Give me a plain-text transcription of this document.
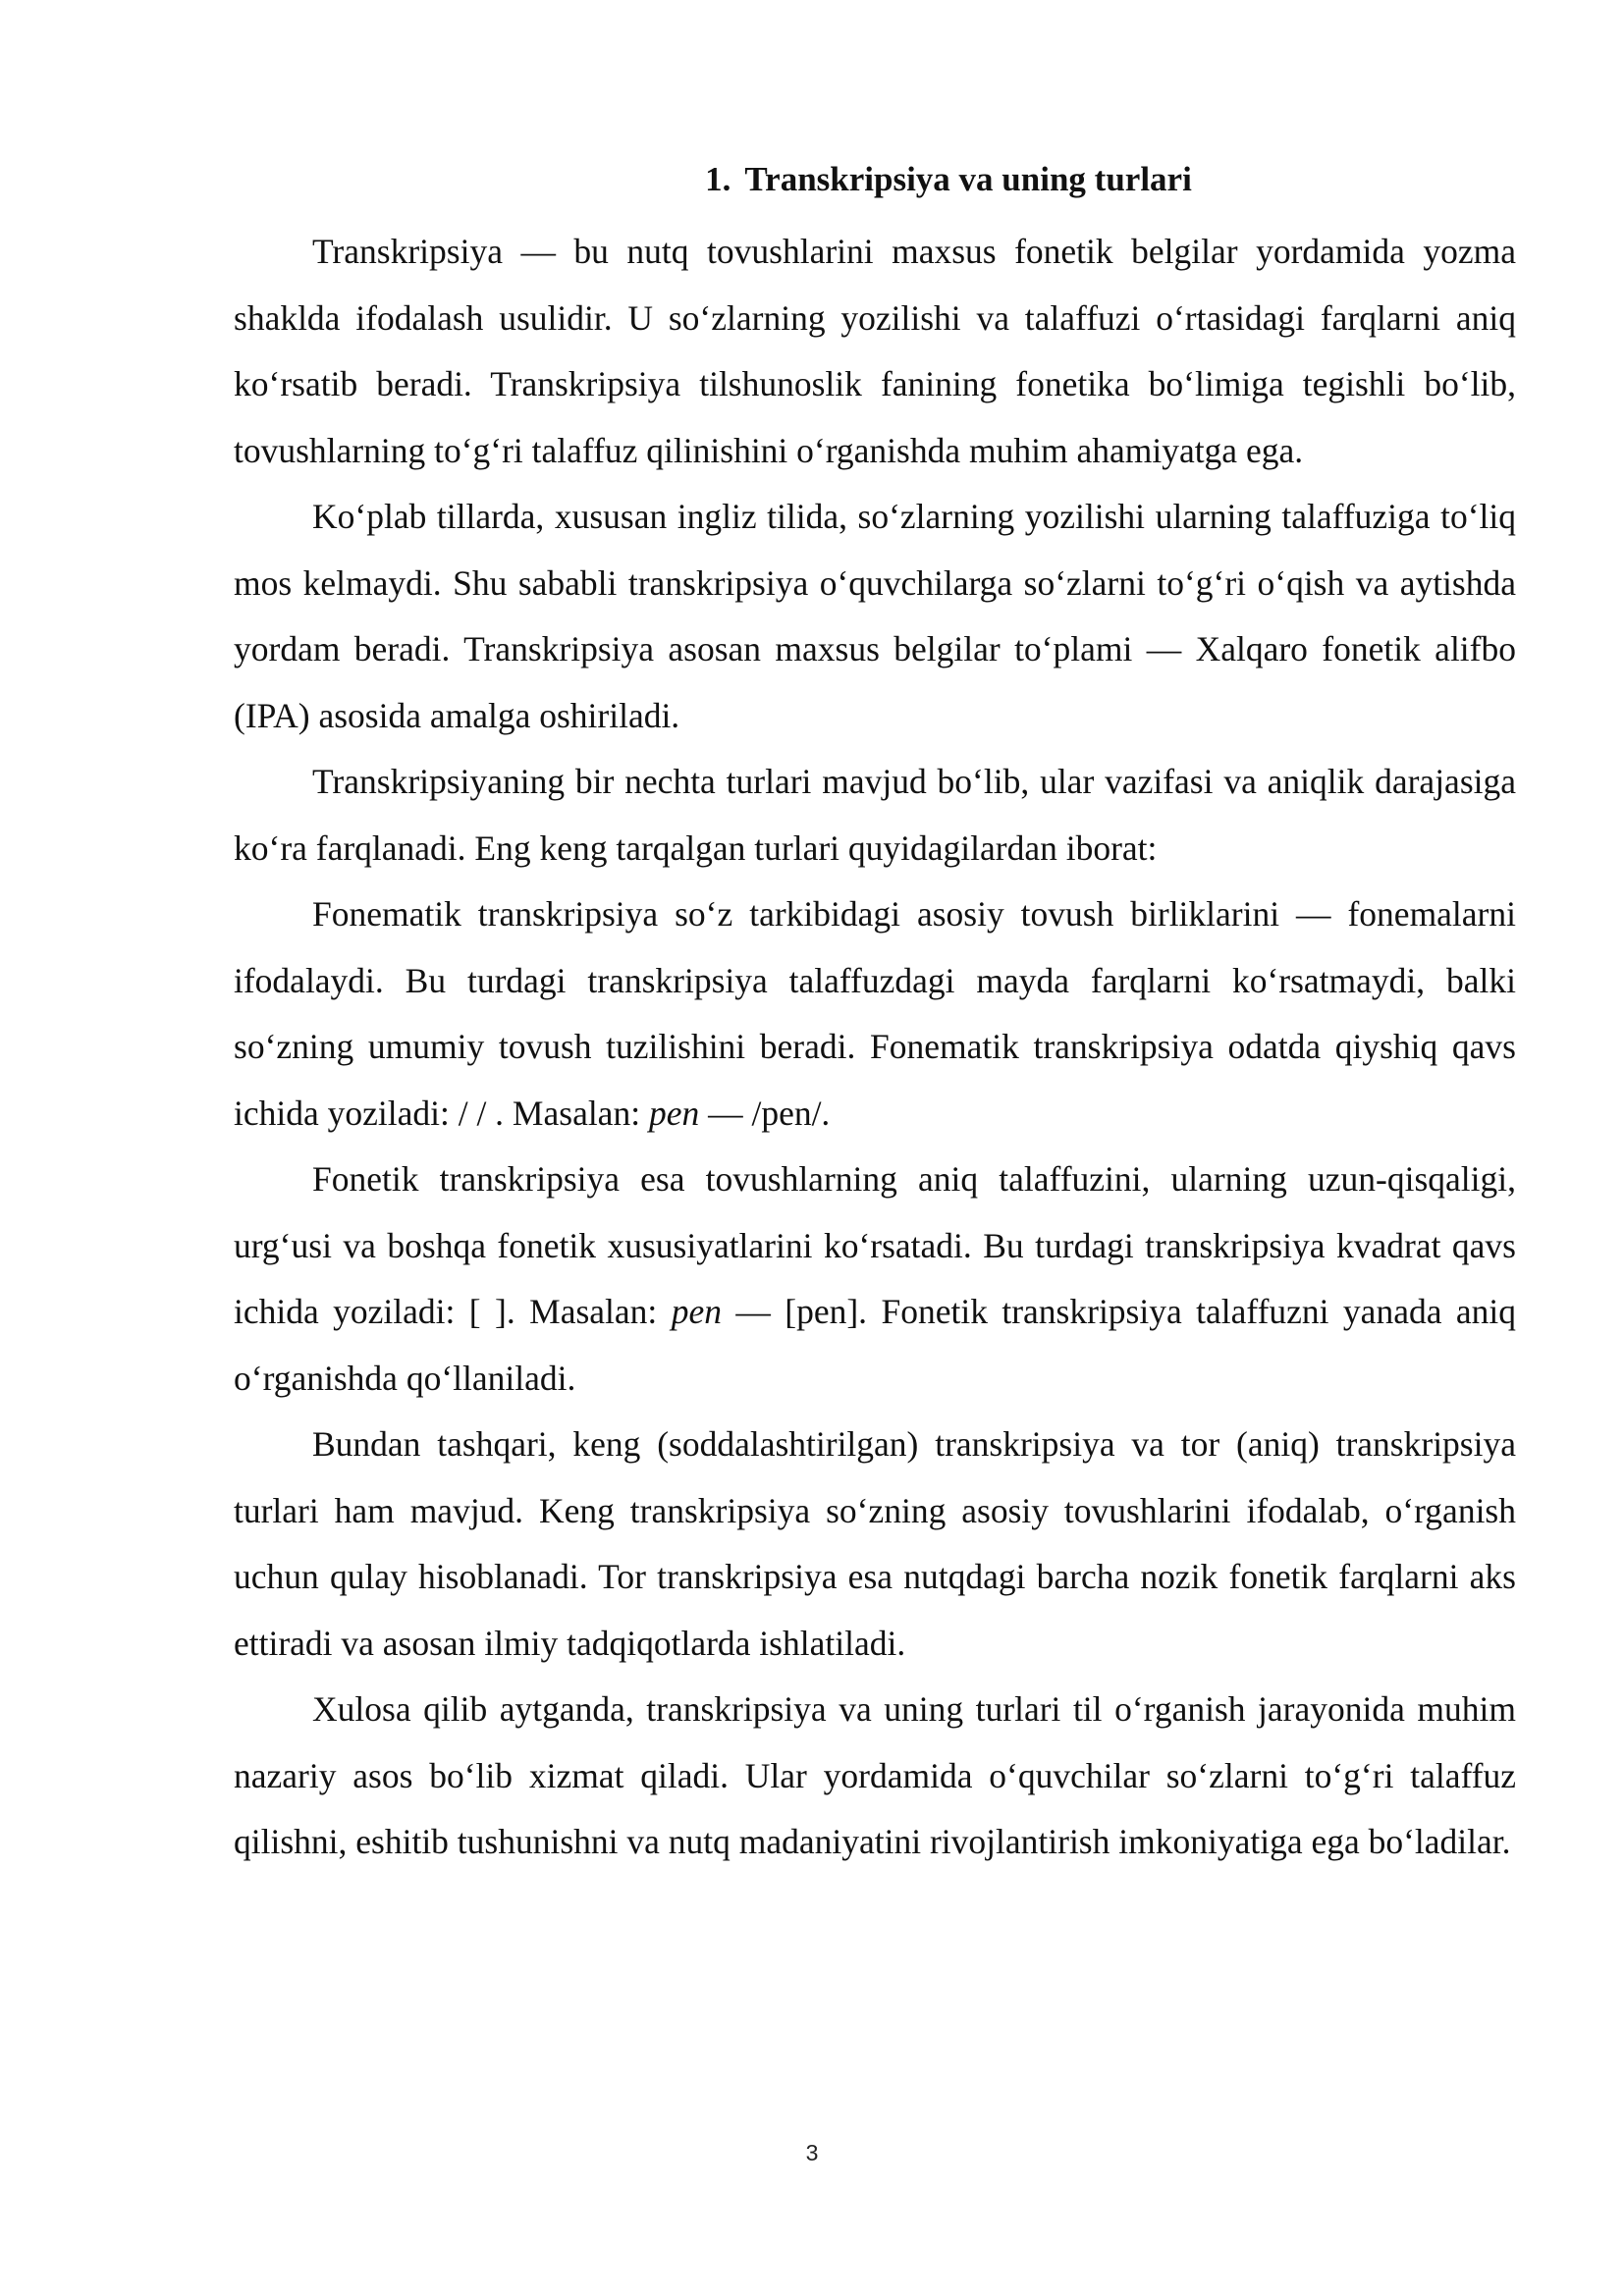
1. Transkripsiya va uning turlari

Transkripsiya — bu nutq tovushlarini maxsus fonetik belgilar yordamida yozma shaklda ifodalash usulidir. U so‘zlarning yozilishi va talaffuzi o‘rtasidagi farqlarni aniq ko‘rsatib beradi. Transkripsiya tilshunoslik fanining fonetika bo‘limiga tegishli bo‘lib, tovushlarning to‘g‘ri talaffuz qilinishini o‘rganishda muhim ahamiyatga ega.

Ko‘plab tillarda, xususan ingliz tilida, so‘zlarning yozilishi ularning talaffuziga to‘liq mos kelmaydi. Shu sababli transkripsiya o‘quvchilarga so‘zlarni to‘g‘ri o‘qish va aytishda yordam beradi. Transkripsiya asosan maxsus belgilar to‘plami — Xalqaro fonetik alifbo (IPA) asosida amalga oshiriladi.

Transkripsiyaning bir nechta turlari mavjud bo‘lib, ular vazifasi va aniqlik darajasiga ko‘ra farqlanadi. Eng keng tarqalgan turlari quyidagilardan iborat:

Fonematik transkripsiya so‘z tarkibidagi asosiy tovush birliklarini — fonemalarni ifodalaydi. Bu turdagi transkripsiya talaffuzdagi mayda farqlarni ko‘rsatmaydi, balki so‘zning umumiy tovush tuzilishini beradi. Fonematik transkripsiya odatda qiyshiq qavs ichida yoziladi: / / . Masalan: pen — /pen/.

Fonetik transkripsiya esa tovushlarning aniq talaffuzini, ularning uzun-qisqaligi, urg‘usi va boshqa fonetik xususiyatlarini ko‘rsatadi. Bu turdagi transkripsiya kvadrat qavs ichida yoziladi: [ ]. Masalan: pen — [pen]. Fonetik transkripsiya talaffuzni yanada aniq o‘rganishda qo‘llaniladi.

Bundan tashqari, keng (soddalashtirilgan) transkripsiya va tor (aniq) transkripsiya turlari ham mavjud. Keng transkripsiya so‘zning asosiy tovushlarini ifodalab, o‘rganish uchun qulay hisoblanadi. Tor transkripsiya esa nutqdagi barcha nozik fonetik farqlarni aks ettiradi va asosan ilmiy tadqiqotlarda ishlatiladi.

Xulosa qilib aytganda, transkripsiya va uning turlari til o‘rganish jarayonida muhim nazariy asos bo‘lib xizmat qiladi. Ular yordamida o‘quvchilar so‘zlarni to‘g‘ri talaffuz qilishni, eshitib tushunishni va nutq madaniyatini rivojlantirish imkoniyatiga ega bo‘ladilar.

3
